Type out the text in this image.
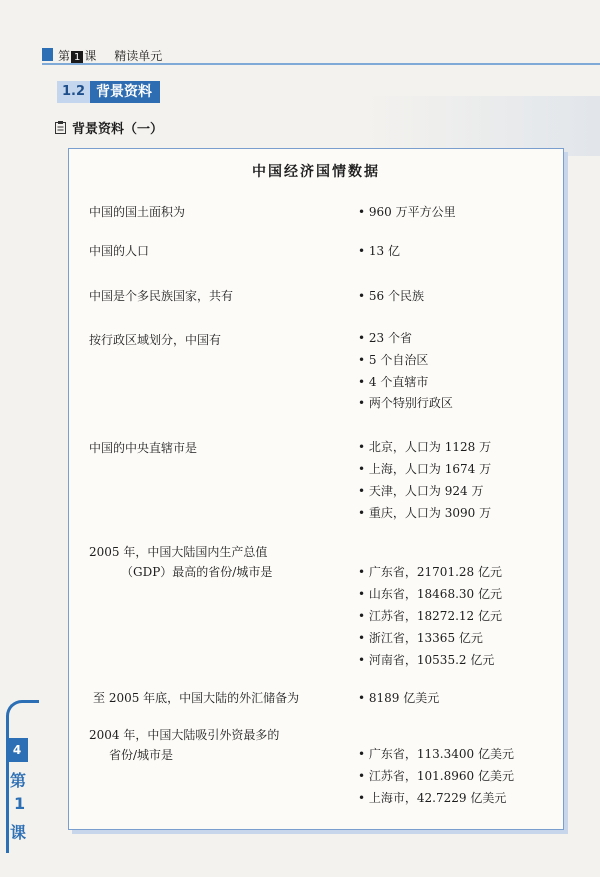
第 1 课 精读单元
1.2 背景资料
背景资料（一）
中国经济国情数据
中国的国土面积为	• 960 万平方公里
中国的人口	• 13 亿
中国是个多民族国家，共有	• 56 个民族
按行政区域划分，中国有	• 23 个省
• 5 个自治区
• 4 个直辖市
• 两个特别行政区
中国的中央直辖市是	• 北京，人口为 1128 万
• 上海，人口为 1674 万
• 天津，人口为 924 万
• 重庆，人口为 3090 万
2005 年，中国大陆国内生产总值
（GDP）最高的省份/城市是	• 广东省，21701.28 亿元
• 山东省，18468.30 亿元
• 江苏省，18272.12 亿元
• 浙江省，13365 亿元
• 河南省，10535.2 亿元
至 2005 年底，中国大陆的外汇储备为	• 8189 亿美元
2004 年，中国大陆吸引外资最多的
省份/城市是	• 广东省，113.3400 亿美元
• 江苏省，101.8960 亿美元
• 上海市，42.7229 亿美元
4
第
1
课
